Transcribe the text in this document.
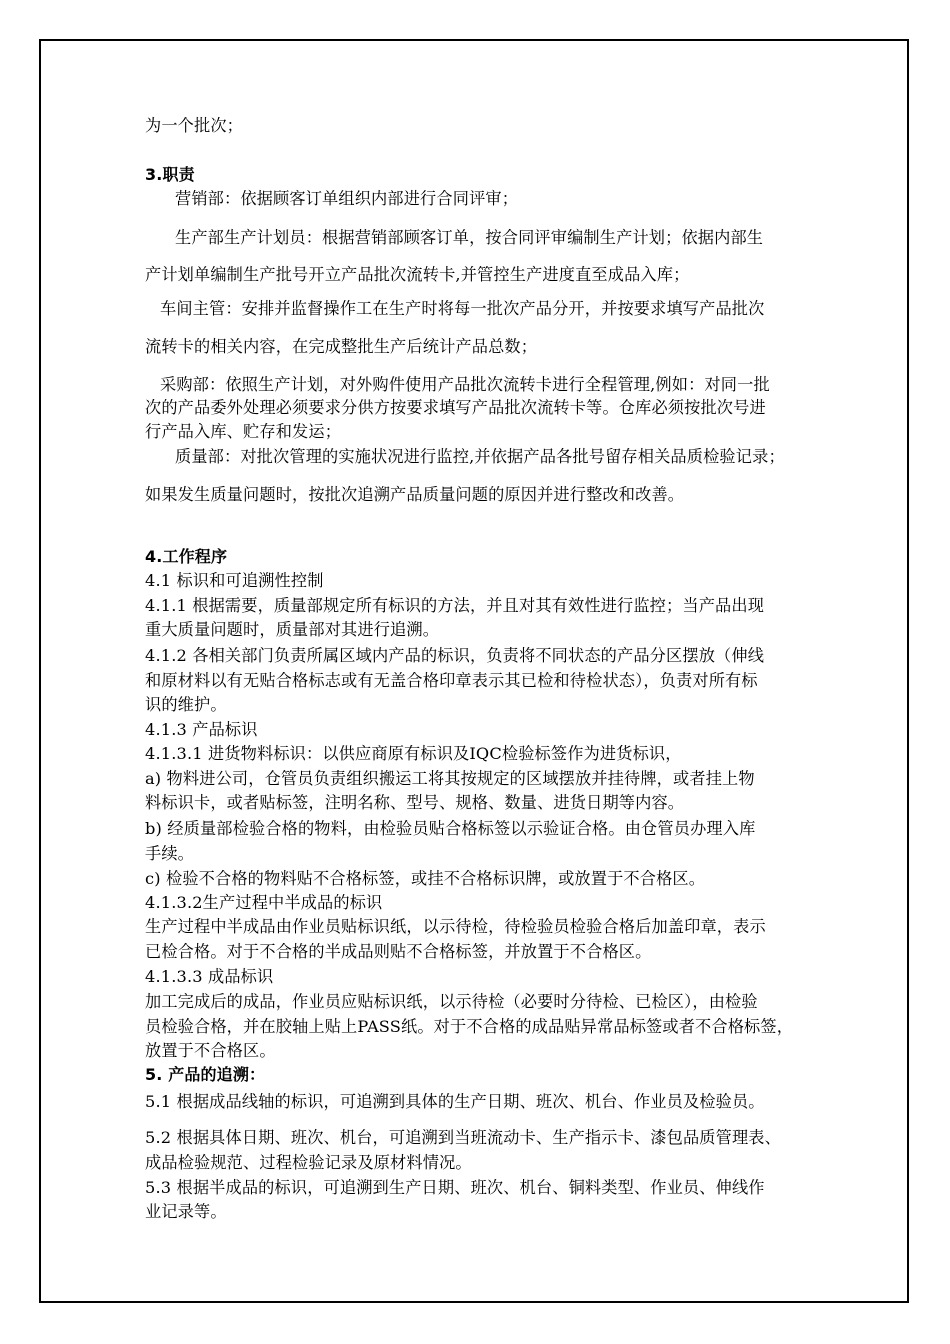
为一个批次；

3.职责

营销部：依据顾客订单组织内部进行合同评审；

生产部生产计划员：根据营销部顾客订单，按合同评审编制生产计划；依据内部生

产计划单编制生产批号开立产品批次流转卡,并管控生产进度直至成品入库；

车间主管：安排并监督操作工在生产时将每一批次产品分开，并按要求填写产品批次

流转卡的相关内容，在完成整批生产后统计产品总数；

采购部：依照生产计划，对外购件使用产品批次流转卡进行全程管理,例如：对同一批

次的产品委外处理必须要求分供方按要求填写产品批次流转卡等。仓库必须按批次号进

行产品入库、贮存和发运；

质量部：对批次管理的实施状况进行监控,并依据产品各批号留存相关品质检验记录；

如果发生质量问题时，按批次追溯产品质量问题的原因并进行整改和改善。

4.工作程序

4.1 标识和可追溯性控制

4.1.1 根据需要，质量部规定所有标识的方法，并且对其有效性进行监控；当产品出现

重大质量问题时，质量部对其进行追溯。

4.1.2 各相关部门负责所属区域内产品的标识，负责将不同状态的产品分区摆放（伸线

和原材料以有无贴合格标志或有无盖合格印章表示其已检和待检状态），负责对所有标

识的维护。

4.1.3 产品标识

4.1.3.1 进货物料标识：以供应商原有标识及IQC检验标签作为进货标识，

a) 物料进公司，仓管员负责组织搬运工将其按规定的区域摆放并挂待牌，或者挂上物

料标识卡，或者贴标签，注明名称、型号、规格、数量、进货日期等内容。

b) 经质量部检验合格的物料，由检验员贴合格标签以示验证合格。由仓管员办理入库

手续。

c) 检验不合格的物料贴不合格标签，或挂不合格标识牌，或放置于不合格区。

4.1.3.2生产过程中半成品的标识

生产过程中半成品由作业员贴标识纸，以示待检，待检验员检验合格后加盖印章，表示

已检合格。对于不合格的半成品则贴不合格标签，并放置于不合格区。

4.1.3.3 成品标识

加工完成后的成品，作业员应贴标识纸，以示待检（必要时分待检、已检区），由检验

员检验合格，并在胶轴上贴上PASS纸。对于不合格的成品贴异常品标签或者不合格标签，

放置于不合格区。

5. 产品的追溯：

5.1 根据成品线轴的标识，可追溯到具体的生产日期、班次、机台、作业员及检验员。

5.2 根据具体日期、班次、机台，可追溯到当班流动卡、生产指示卡、漆包品质管理表、

成品检验规范、过程检验记录及原材料情况。

5.3 根据半成品的标识，可追溯到生产日期、班次、机台、铜料类型、作业员、伸线作

业记录等。
